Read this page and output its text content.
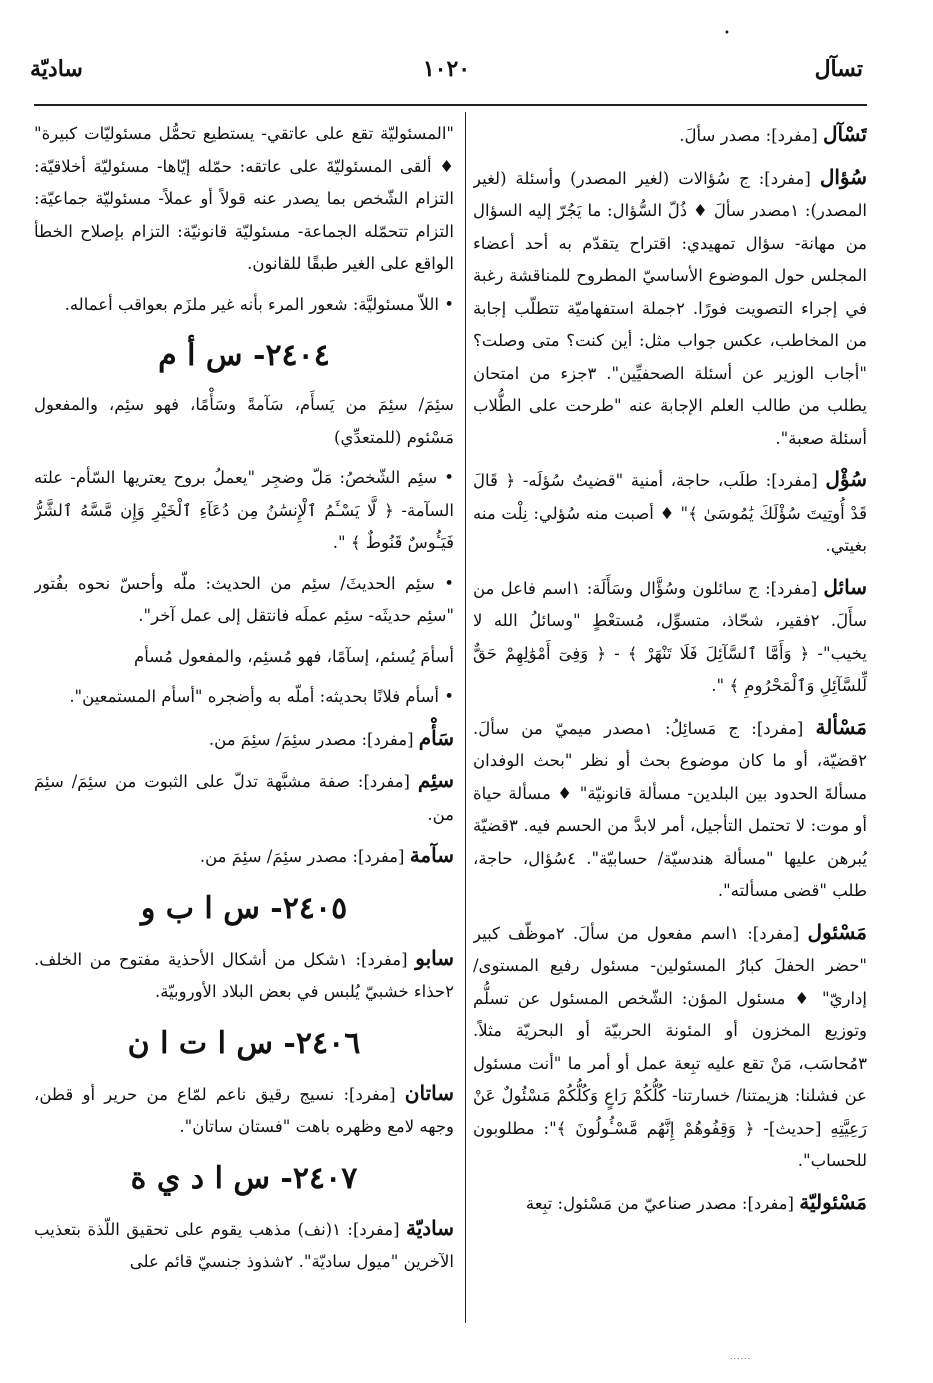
•
تسآل
١٠٢٠
ساديّة

تَسْآل [مفرد]: مصدر سألَ.

سُؤال [مفرد]: ج سُؤالات (لغير المصدر) وأسئلة (لغير المصدر): ١مصدر سألَ ♦ ذُلّ السُّؤال: ما يَجُرّ إليه السؤال من مهانة- سؤال تمهيدي: اقتراح يتقدّم به أحد أعضاء المجلس حول الموضوع الأساسيّ المطروح للمناقشة رغبة في إجراء التصويت فورًا. ٢جملة استفهاميّة تتطلّب إجابة من المخاطب، عكس جواب مثل: أين كنت؟ متى وصلت؟ "أجاب الوزير عن أسئلة الصحفيِّين". ٣جزء من امتحان يطلب من طالب العلم الإجابة عنه "طرحت على الطُّلاب أسئلة صعبة".

سُؤْل [مفرد]: طلَب، حاجة، أمنية "قضيتُ سُؤلَه- ﴿ قَالَ قَدْ أُوتِيتَ سُؤْلَكَ يَٰمُوسَىٰ ﴾" ♦ أصبت منه سُؤلي: نِلْت منه بغيتي.

سائل [مفرد]: ج سائلون وسُؤَّال وسَأَلَة: ١اسم فاعل من سأَلَ. ٢فقير، شحّاذ، متسوِّل، مُستعْطٍ "وسائلُ الله لا يخيب"- ﴿ وَأَمَّا ٱلسَّآئِلَ فَلَا تَنْهَرْ ﴾ - ﴿ وَفِىٓ أَمْوَٰلِهِمْ حَقٌّ لِّلسَّآئِلِ وَٱلْمَحْرُومِ ﴾ ".

مَسْألة [مفرد]: ج مَسائِلُ: ١مصدر ميميّ من سألَ. ٢قضيّة، أو ما كان موضوع بحث أو نظر "بحث الوفدان مسألةَ الحدود بين البلدين- مسألة قانونيّة" ♦ مسألة حياة أو موت: لا تحتمل التأجيل، أمر لابدَّ من الحسم فيه. ٣قضيّة يُبرهن عليها "مسألة هندسيّة/ حسابيّة". ٤سُؤال، حاجة، طلب "قضى مسألته".

مَسْئول [مفرد]: ١اسم مفعول من سألَ. ٢موظّف كبير "حضر الحفلَ كبارُ المسئولين- مسئول رفيع المستوى/ إداريّ" ♦ مسئول المؤن: الشّخص المسئول عن تسلُّم وتوزيع المخزون أو المئونة الحربيّة أو البحريّة مثلاً. ٣مُحاسَب، مَنْ تقع عليه تبِعة عمل أو أمر ما "أنت مسئول عن فشلنا: هزيمتنا/ خسارتنا- كُلُّكُمْ رَاعٍ وَكُلُّكُمْ مَسْئُولٌ عَنْ رَعِيَّتِهِ [حديث]- ﴿ وَقِفُوهُمْ إِنَّهُم مَّسْـُٔولُونَ ﴾": مطلوبون للحساب".

مَسْئوليّة [مفرد]: مصدر صناعيّ من مَسْئول: تبِعة

"المسئوليّة تقع على عاتقي- يستطيع تحمُّل مسئوليّات كبيرة" ♦ ألقى المسئوليّةَ على عاتقه: حمّله إيّاها- مسئوليّة أخلاقيّة: التزام الشّخص بما يصدر عنه قولاً أو عملاً- مسئوليّة جماعيّة: التزام تتحمّله الجماعة- مسئوليّة قانونيّة: التزام بإصلاح الخطأ الواقع على الغير طبقًا للقانون.

• اللاّ مسئوليَّة: شعور المرء بأنه غير ملزَم بعواقب أعماله.

٢٤٠٤- س أ م

سئِمَ/ سئِمَ من يَسأَم، سَآمةً وسَأْمًا، فهو سئِم، والمفعول مَسْئوم (للمتعدِّي)

• سئِم الشّخصُ: مَلّ وضجِر "يعملُ بروح يعتريها السّأم- علته السآمة- ﴿ لَّا يَسْـَٔمُ ٱلْإِنسَٰنُ مِن دُعَآءِ ٱلْخَيْرِ وَإِن مَّسَّهُ ٱلشَّرُّ فَيَـُٔوسٌ قَنُوطٌ ﴾ ".

• سئِم الحديثَ/ سئِم من الحديث: ملّه وأحسّ نحوه بفُتور "سئِم حديثَه- سئِم عملَه فانتقل إلى عمل آخر".

أسأمَ يُسئم، إسآمًا، فهو مُسئِم، والمفعول مُسأم

• أسأم فلانًا بحديثه: أملّه به وأضجره "أسأم المستمعين".

سَأْم [مفرد]: مصدر سئِمَ/ سئِمَ من.

سئِم [مفرد]: صفة مشبَّهة تدلّ على الثبوت من سئِمَ/ سئِمَ من.

سآمة [مفرد]: مصدر سئِمَ/ سئِمَ من.

٢٤٠٥- س ا ب و

سابو [مفرد]: ١شكل من أشكال الأحذية مفتوح من الخلف. ٢حذاء خشبيّ يُلبس في بعض البلاد الأوروبيّة.

٢٤٠٦- س ا ت ا ن

ساتان [مفرد]: نسيج رقيق ناعم لمّاع من حرير أو قطن، وجهه لامع وظهره باهت "فستان ساتان".

٢٤٠٧- س ا د ي ة

ساديّة [مفرد]: ١(نف) مذهب يقوم على تحقيق اللّذة بتعذيب الآخرين "ميول ساديّة". ٢شذوذ جنسيّ قائم على

......
